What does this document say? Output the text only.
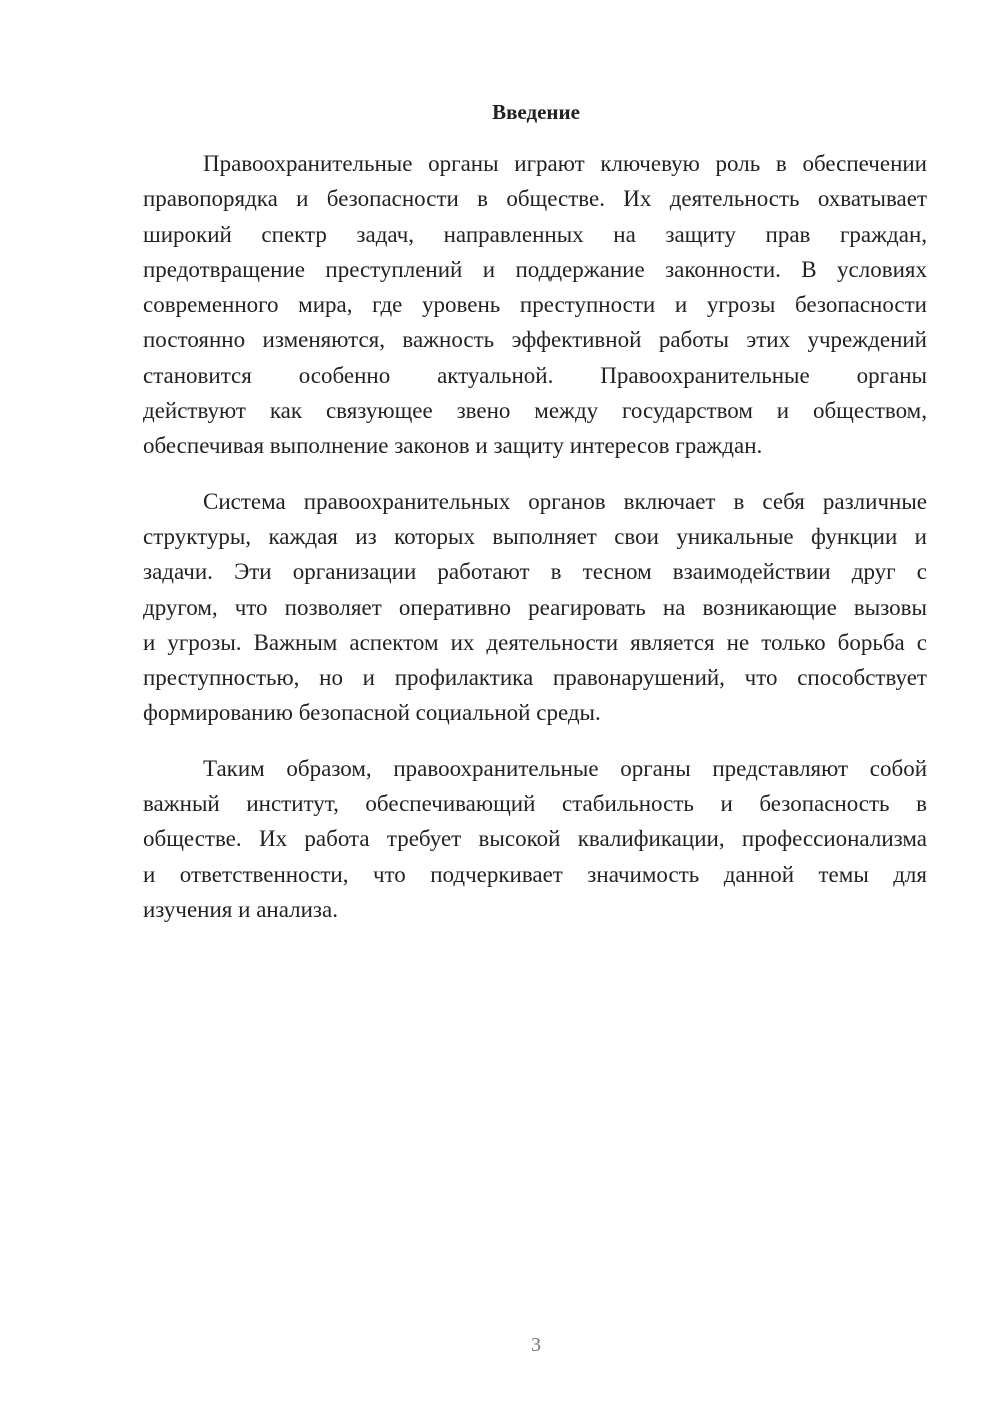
Введение
Правоохранительные органы играют ключевую роль в обеспечении
правопорядка и безопасности в обществе. Их деятельность охватывает
широкий спектр задач, направленных на защиту прав граждан,
предотвращение преступлений и поддержание законности. В условиях
современного мира, где уровень преступности и угрозы безопасности
постоянно изменяются, важность эффективной работы этих учреждений
становится особенно актуальной. Правоохранительные органы
действуют как связующее звено между государством и обществом,
обеспечивая выполнение законов и защиту интересов граждан.
Система правоохранительных органов включает в себя различные
структуры, каждая из которых выполняет свои уникальные функции и
задачи. Эти организации работают в тесном взаимодействии друг с
другом, что позволяет оперативно реагировать на возникающие вызовы
и угрозы. Важным аспектом их деятельности является не только борьба с
преступностью, но и профилактика правонарушений, что способствует
формированию безопасной социальной среды.
Таким образом, правоохранительные органы представляют собой
важный институт, обеспечивающий стабильность и безопасность в
обществе. Их работа требует высокой квалификации, профессионализма
и ответственности, что подчеркивает значимость данной темы для
изучения и анализа.
3
